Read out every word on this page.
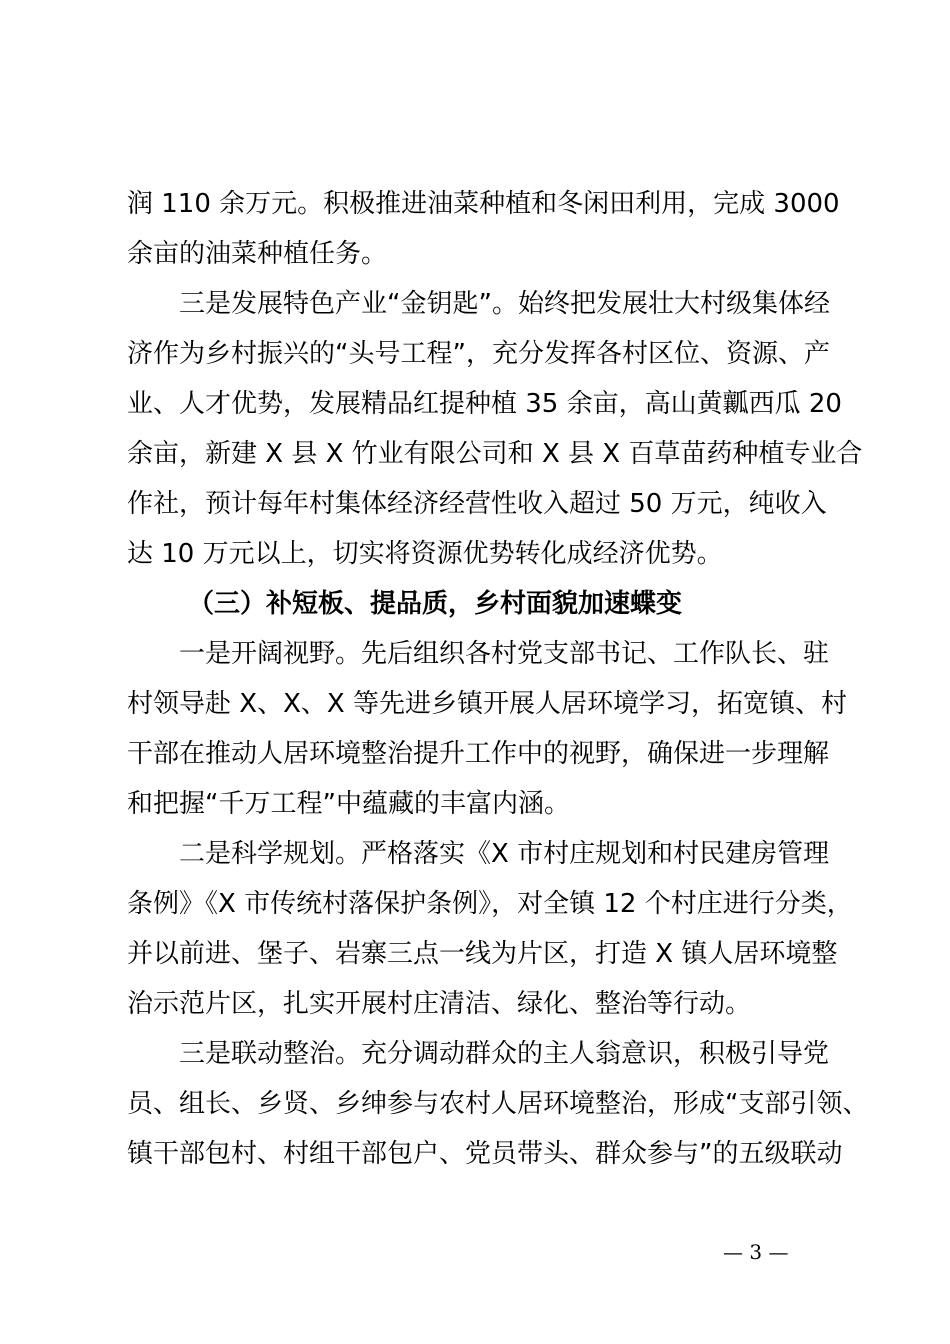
润 110 余万元。积极推进油菜种植和冬闲田利用，完成 3000
余亩的油菜种植任务。
三是发展特色产业“金钥匙”。始终把发展壮大村级集体经
济作为乡村振兴的“头号工程”，充分发挥各村区位、资源、产
业、人才优势，发展精品红提种植 35 余亩，高山黄瓤西瓜 20
余亩，新建 X 县 X 竹业有限公司和 X 县 X 百草苗药种植专业合
作社，预计每年村集体经济经营性收入超过 50 万元，纯收入
达 10 万元以上，切实将资源优势转化成经济优势。
（三）补短板、提品质，乡村面貌加速蝶变
一是开阔视野。先后组织各村党支部书记、工作队长、驻
村领导赴 X、X、X 等先进乡镇开展人居环境学习，拓宽镇、村
干部在推动人居环境整治提升工作中的视野，确保进一步理解
和把握“千万工程”中蕴藏的丰富内涵。
二是科学规划。严格落实《X 市村庄规划和村民建房管理
条例》《X 市传统村落保护条例》，对全镇 12 个村庄进行分类，
并以前进、堡子、岩寨三点一线为片区，打造 X 镇人居环境整
治示范片区，扎实开展村庄清洁、绿化、整治等行动。
三是联动整治。充分调动群众的主人翁意识，积极引导党
员、组长、乡贤、乡绅参与农村人居环境整治，形成“支部引领、
镇干部包村、村组干部包户、党员带头、群众参与”的五级联动
— 3 —
